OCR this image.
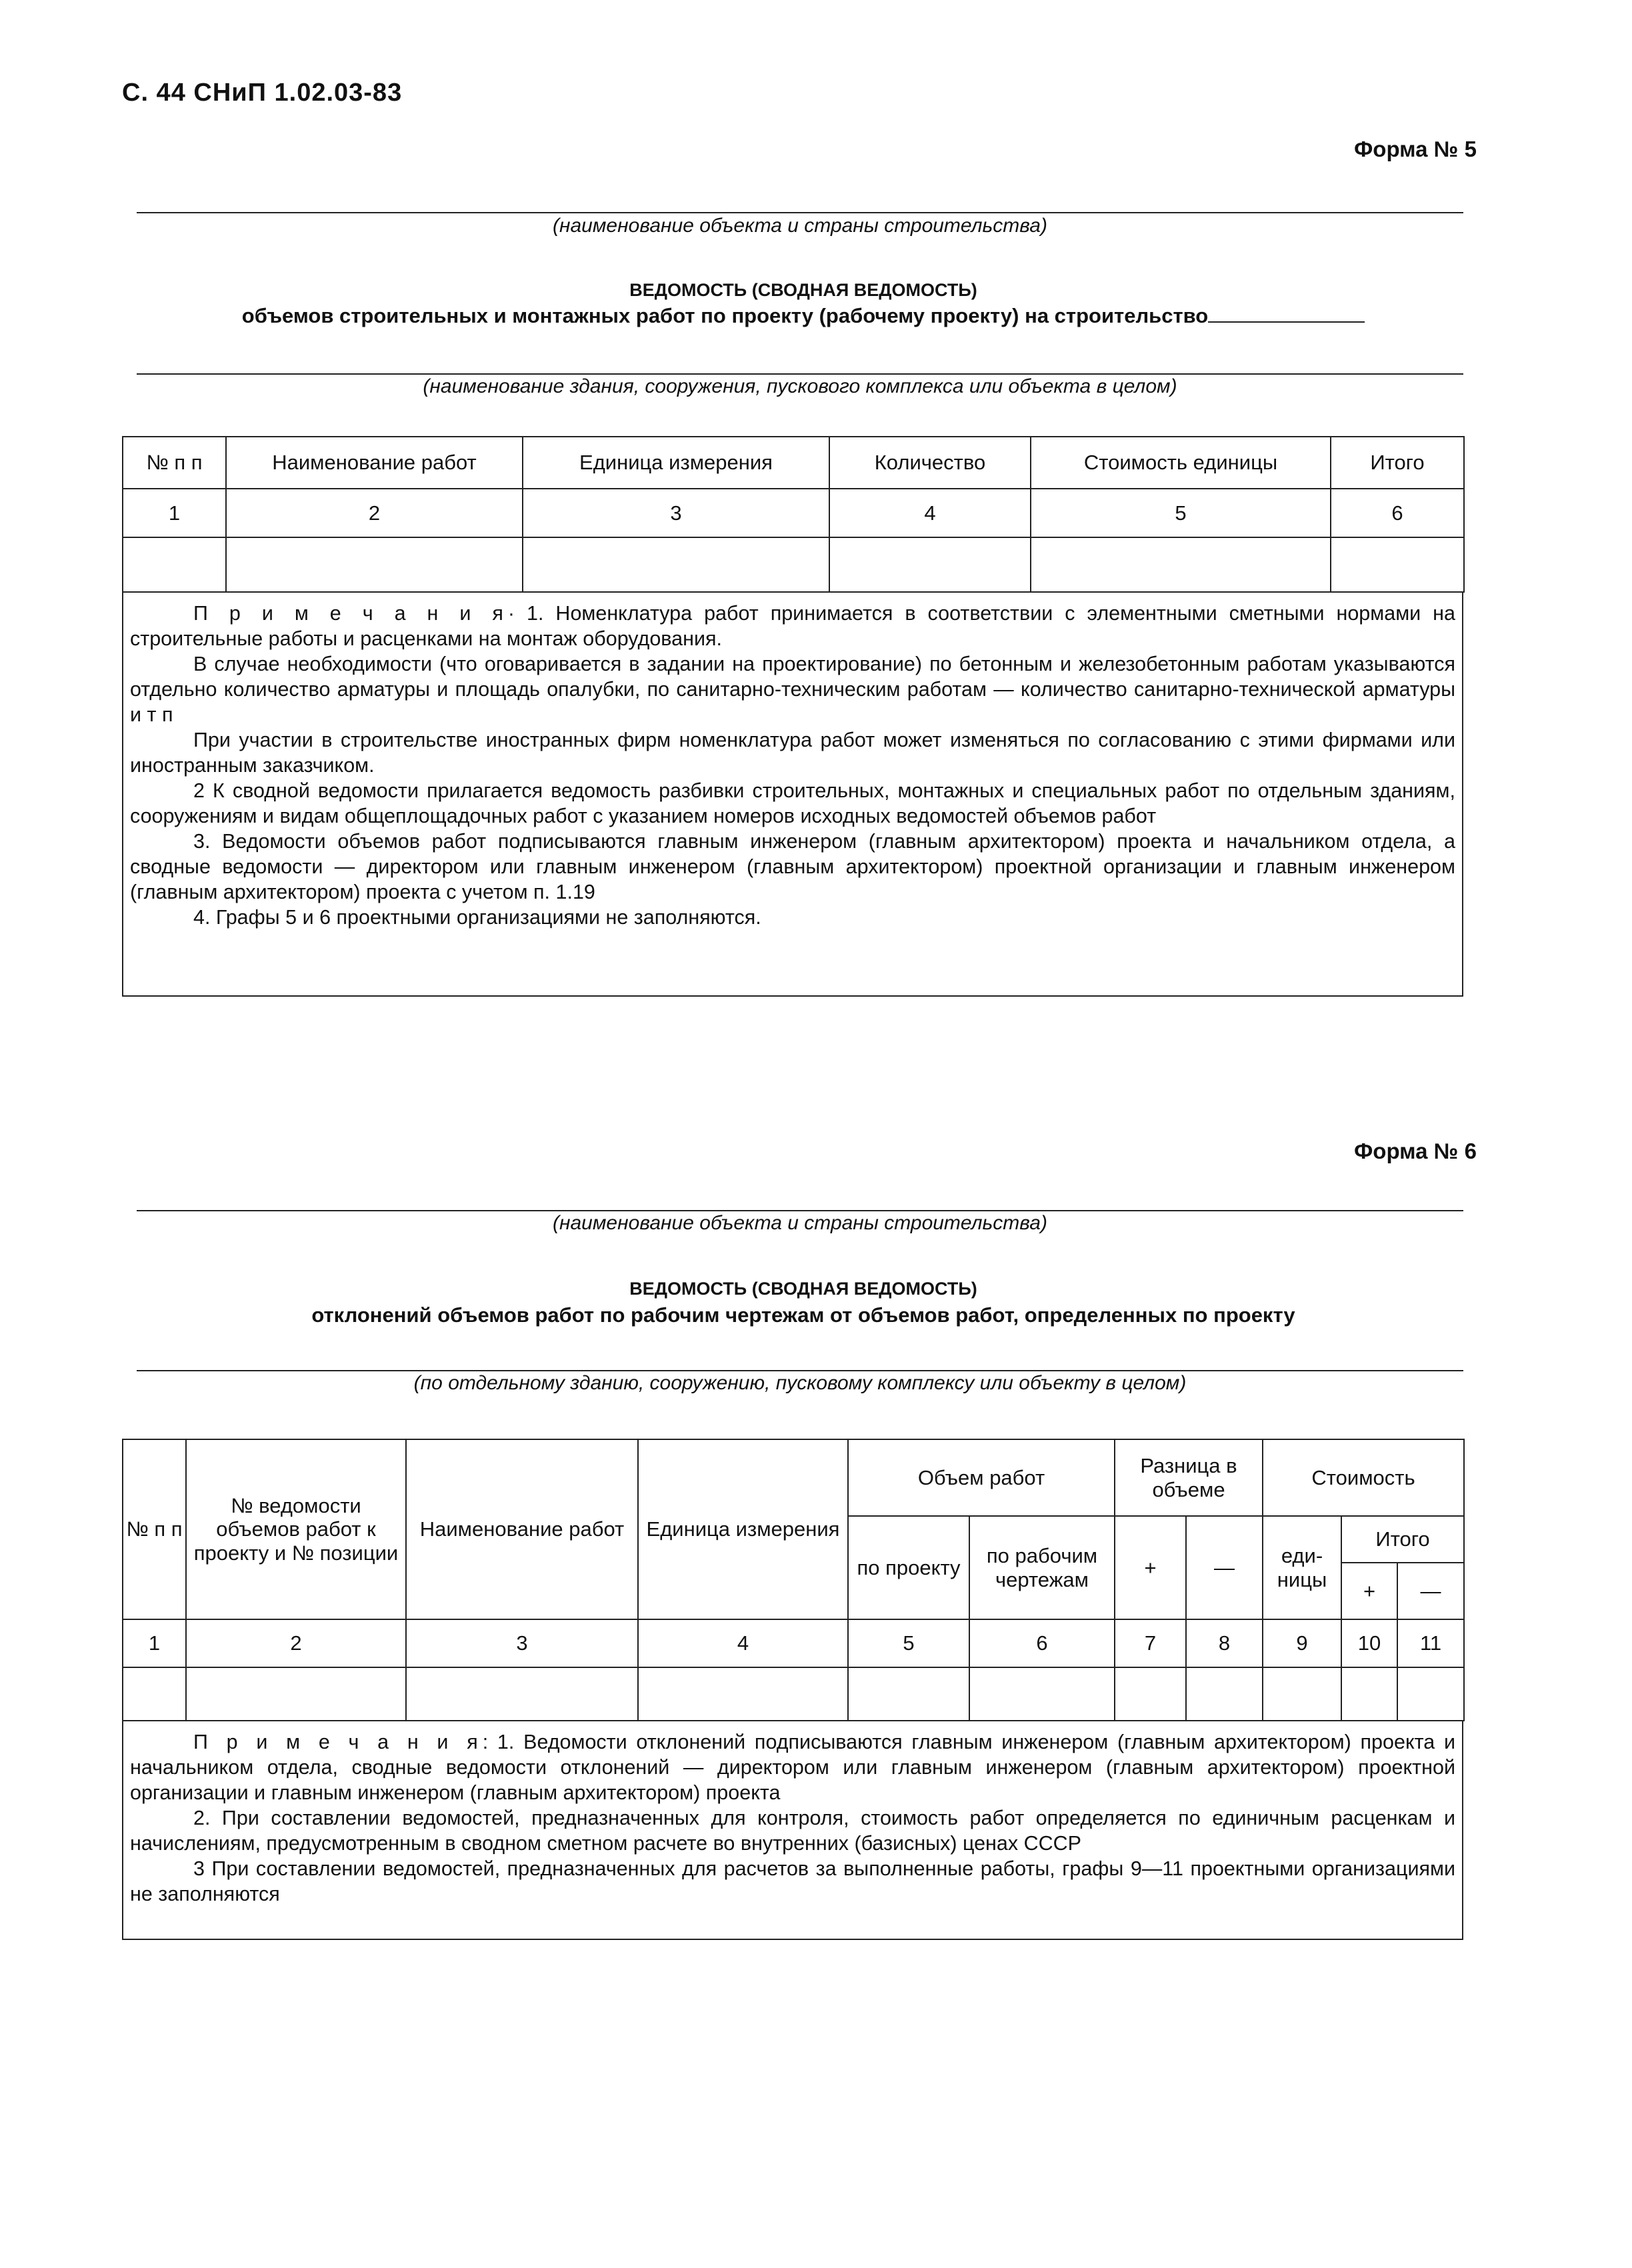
С. 44 СНиП 1.02.03-83
Форма № 5
(наименование объекта и страны строительства)
ВЕДОМОСТЬ (СВОДНАЯ ВЕДОМОСТЬ)
объемов строительных и монтажных работ по проекту (рабочему проекту) на строительство
(наименование здания, сооружения, пускового комплекса или объекта в целом)
№ п п	Наименование работ	Единица измерения	Количество	Стоимость единицы	Итого
1	2	3	4	5	6

П р и м е ч а н и я· 1. Номенклатура работ принимается в соответствии с элементными сметными нормами на строительные работы и расценками на монтаж оборудования.

В случае необходимости (что оговаривается в задании на проектирование) по бетонным и железобетонным работам указываются отдельно количество арматуры и площадь опалубки, по санитарно-техническим работам — количество санитарно-технической арматуры и т п

При участии в строительстве иностранных фирм номенклатура работ может изменяться по согласованию с этими фирмами или иностранным заказчиком.

2 К сводной ведомости прилагается ведомость разбивки строительных, монтажных и специальных работ по отдельным зданиям, сооружениям и видам общеплощадочных работ с указанием номеров исходных ведомостей объемов работ

3. Ведомости объемов работ подписываются главным инженером (главным архитектором) проекта и начальником отдела, а сводные ведомости — директором или главным инженером (главным архитектором) проектной организации и главным инженером (главным архитектором) проекта с учетом п. 1.19

4. Графы 5 и 6 проектными организациями не заполняются.

Форма № 6
(наименование объекта и страны строительства)
ВЕДОМОСТЬ (СВОДНАЯ ВЕДОМОСТЬ)
отклонений объемов работ по рабочим чертежам от объемов работ, определенных по проекту
(по отдельному зданию, сооружению, пусковому комплексу или объекту в целом)
№ п п	№ ведомости объемов работ к проекту и № позиции	Наименование работ	Единица измерения	Объем работ		Разница в объеме		Стоимость		
				по проекту	по рабочим чертежам	+	—	еди-ницы	Итого	
									+	—
1	2	3	4	5	6	7	8	9	10	11

П р и м е ч а н и я: 1. Ведомости отклонений подписываются главным инженером (главным архитектором) проекта и начальником отдела, сводные ведомости отклонений — директором или главным инженером (главным архитектором) проектной организации и главным инженером (главным архитектором) проекта

2. При составлении ведомостей, предназначенных для контроля, стоимость работ определяется по единичным расценкам и начислениям, предусмотренным в сводном сметном расчете во внутренних (базисных) ценах СССР

3 При составлении ведомостей, предназначенных для расчетов за выполненные работы, графы 9—11 проектными организациями не заполняются
